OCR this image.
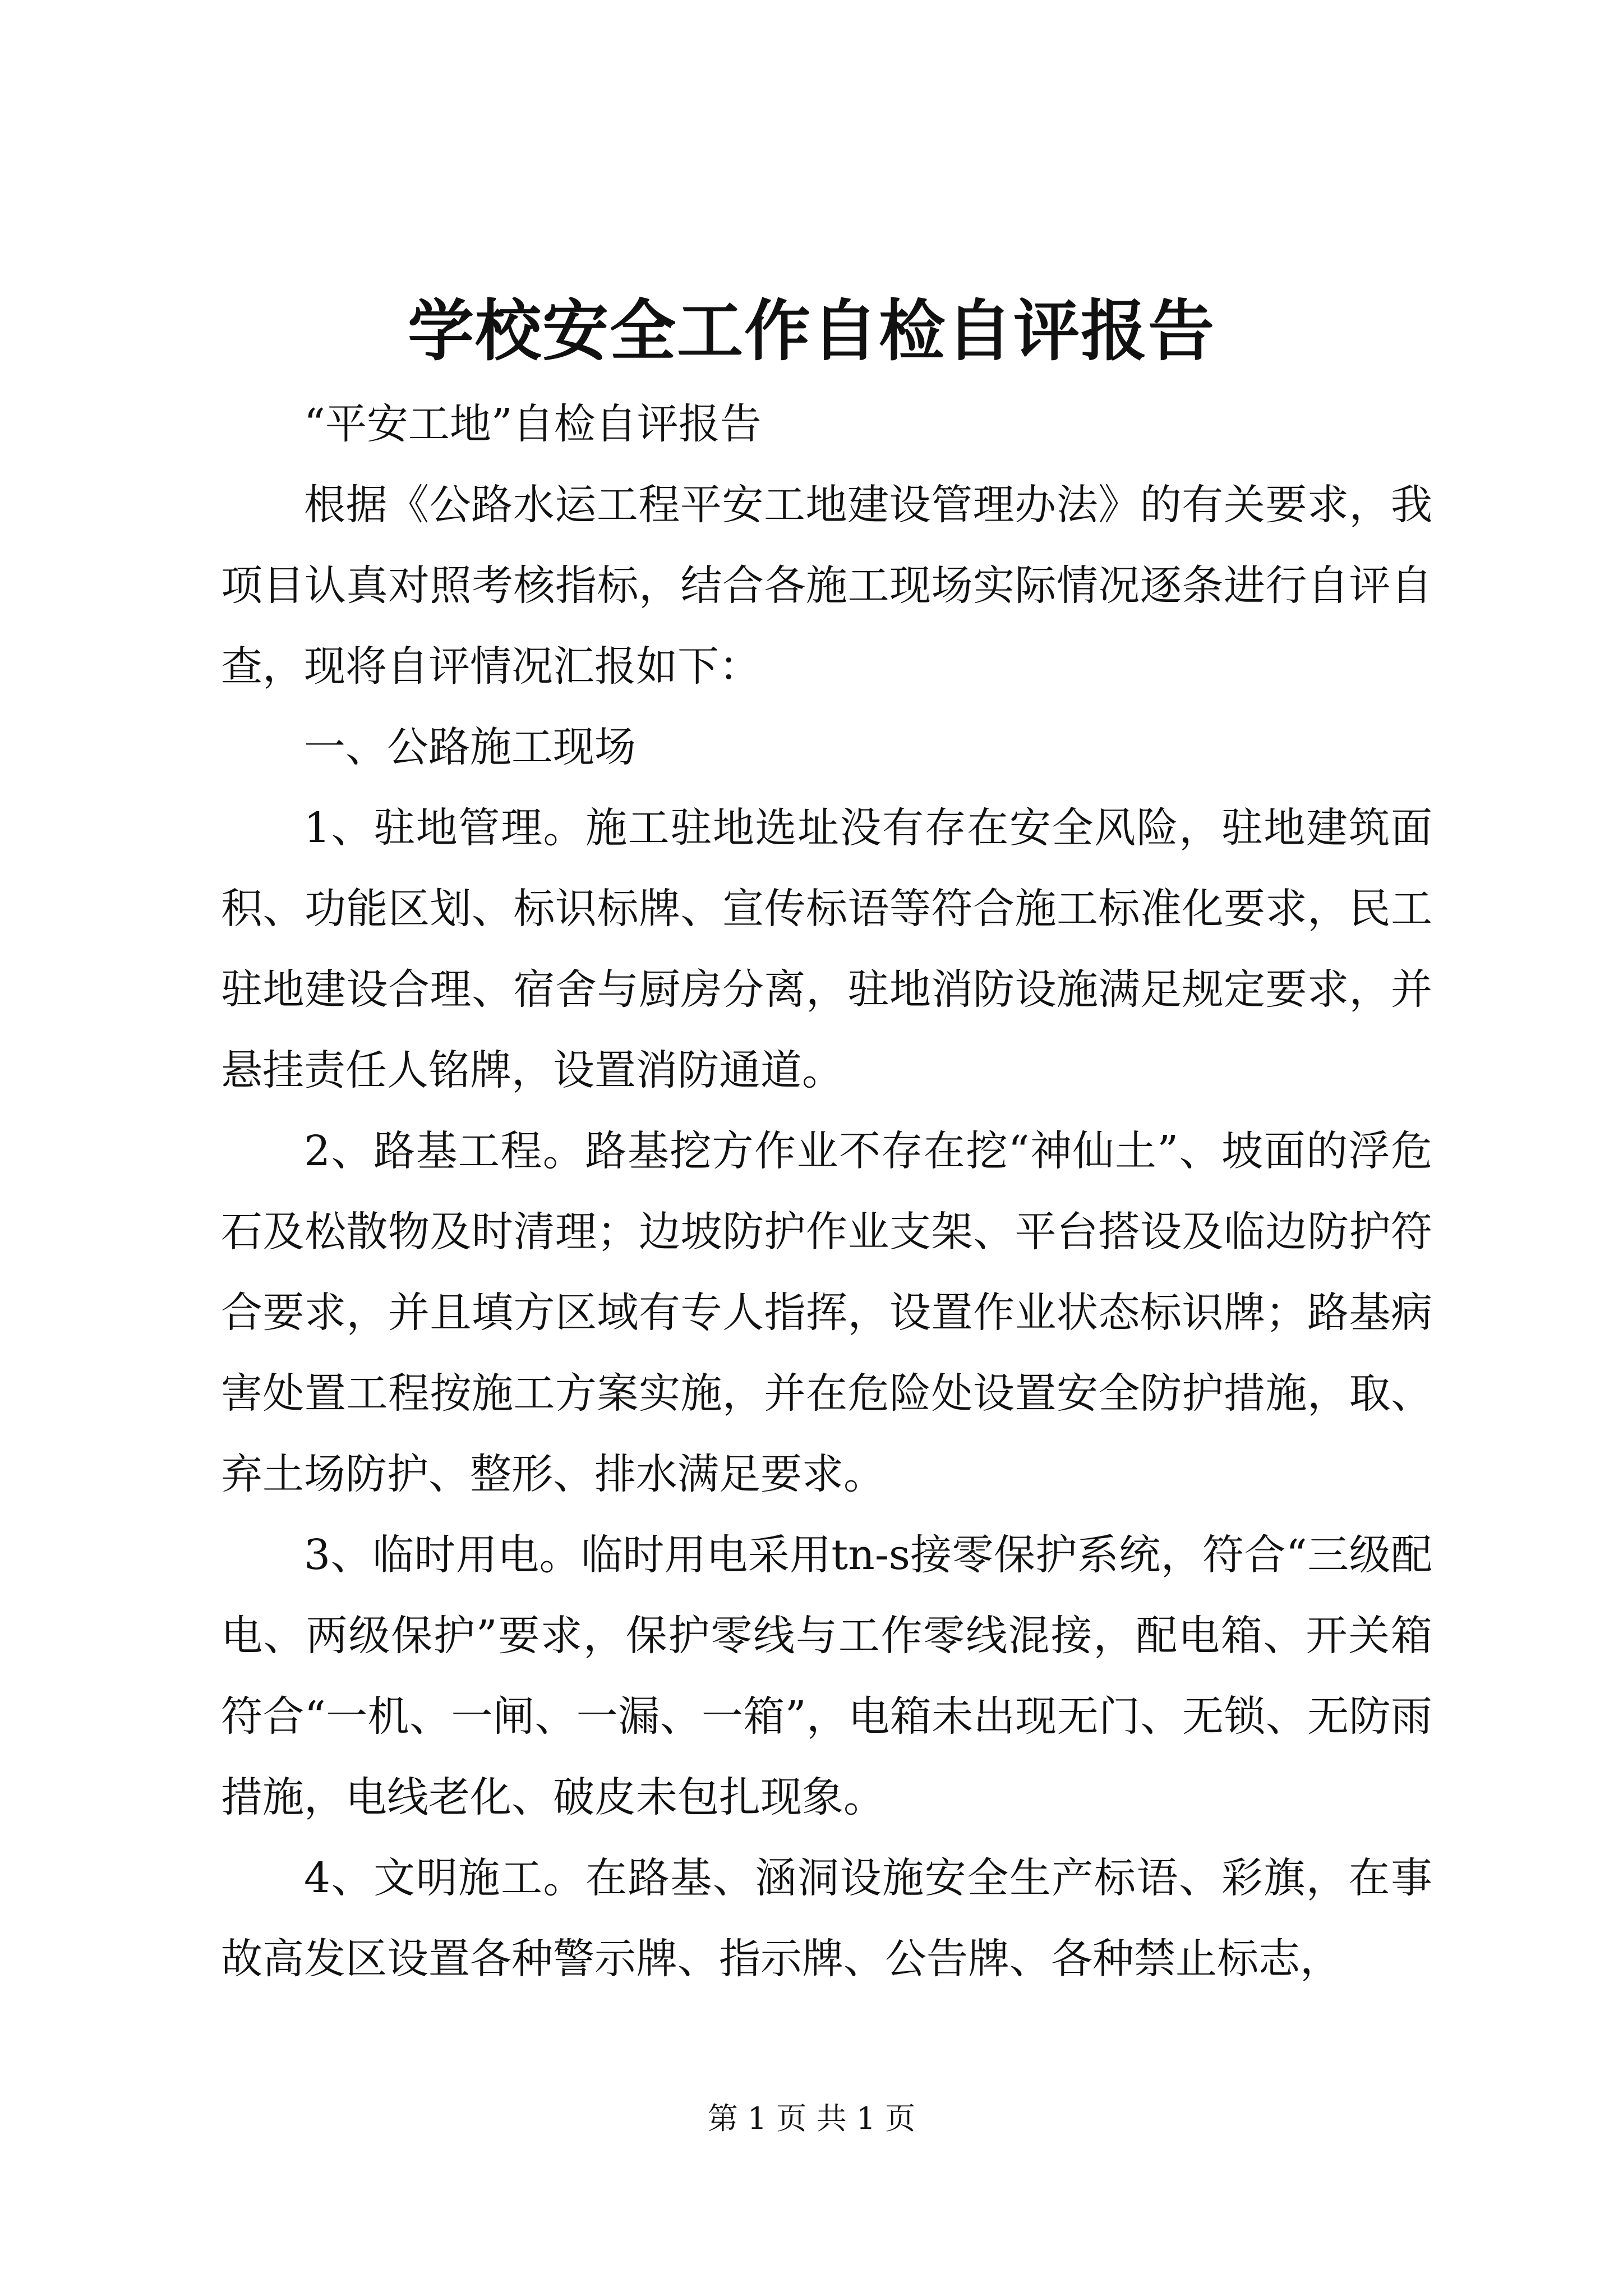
学校安全工作自检自评报告

“平安工地”自检自评报告

根据《公路水运工程平安工地建设管理办法》的有关要求，我项目认真对照考核指标，结合各施工现场实际情况逐条进行自评自查，现将自评情况汇报如下：

一、公路施工现场

1、驻地管理。施工驻地选址没有存在安全风险，驻地建筑面积、功能区划、标识标牌、宣传标语等符合施工标准化要求，民工驻地建设合理、宿舍与厨房分离，驻地消防设施满足规定要求，并悬挂责任人铭牌，设置消防通道。

2、路基工程。路基挖方作业不存在挖“神仙土”、坡面的浮危石及松散物及时清理；边坡防护作业支架、平台搭设及临边防护符合要求，并且填方区域有专人指挥，设置作业状态标识牌；路基病害处置工程按施工方案实施，并在危险处设置安全防护措施，取、弃土场防护、整形、排水满足要求。

3、临时用电。临时用电采用tn-s接零保护系统，符合“三级配电、两级保护”要求，保护零线与工作零线混接，配电箱、开关箱符合“一机、一闸、一漏、一箱”，电箱未出现无门、无锁、无防雨措施，电线老化、破皮未包扎现象。

4、文明施工。在路基、涵洞设施安全生产标语、彩旗，在事故高发区设置各种警示牌、指示牌、公告牌、各种禁止标志，

第 1 页 共 1 页
